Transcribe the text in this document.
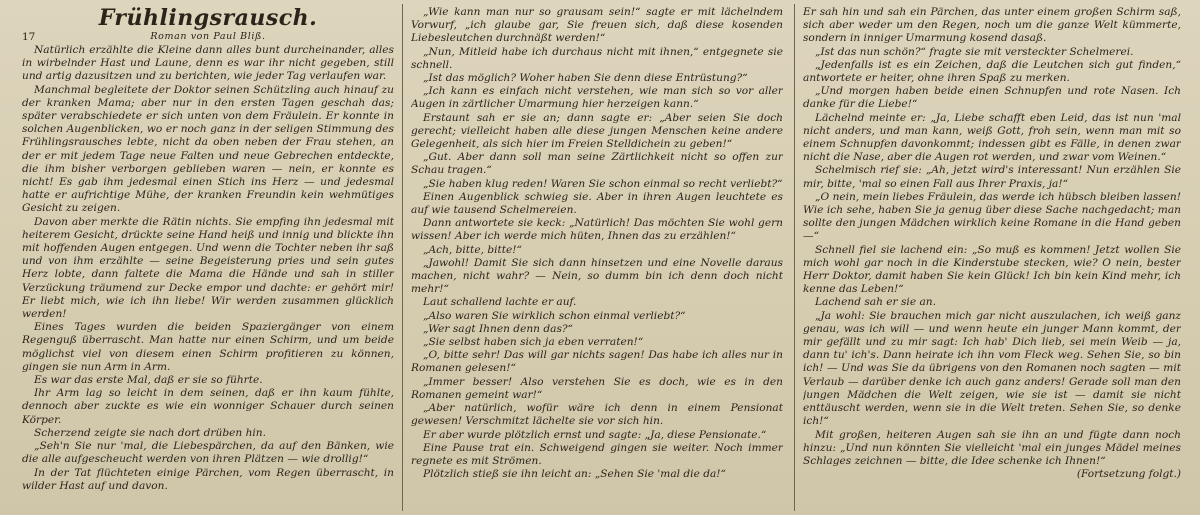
Frühlingsrausch.
17	Roman von Paul Bliß.

Natürlich erzählte die Kleine dann alles bunt durcheinander, alles in wirbelnder Hast und Laune, denn es war ihr nicht gegeben, still und artig dazusitzen und zu berichten, wie jeder Tag verlaufen war.

Manchmal begleitete der Doktor seinen Schützling auch hinauf zu der kranken Mama; aber nur in den ersten Tagen geschah das; später verabschiedete er sich unten von dem Fräulein. Er konnte in solchen Augenblicken, wo er noch ganz in der seligen Stimmung des Frühlingsrausches lebte, nicht da oben neben der Frau stehen, an der er mit jedem Tage neue Falten und neue Gebrechen entdeckte, die ihm bisher verborgen geblieben waren — nein, er konnte es nicht! Es gab ihm jedesmal einen Stich ins Herz — und jedesmal hatte er aufrichtige Mühe, der kranken Freundin kein wehmütiges Gesicht zu zeigen.

Davon aber merkte die Rätin nichts. Sie empfing ihn jedesmal mit heiterem Gesicht, drückte seine Hand heiß und innig und blickte ihn mit hoffenden Augen entgegen. Und wenn die Tochter neben ihr saß und von ihm erzählte — seine Begeisterung pries und sein gutes Herz lobte, dann faltete die Mama die Hände und sah in stiller Verzückung träumend zur Decke empor und dachte: er gehört mir! Er liebt mich, wie ich ihn liebe! Wir werden zusammen glücklich werden!

Eines Tages wurden die beiden Spaziergänger von einem Regenguß überrascht. Man hatte nur einen Schirm, und um beide möglichst viel von diesem einen Schirm profitieren zu können, gingen sie nun Arm in Arm.

Es war das erste Mal, daß er sie so führte.

Ihr Arm lag so leicht in dem seinen, daß er ihn kaum fühlte, dennoch aber zuckte es wie ein wonniger Schauer durch seinen Körper.

Scherzend zeigte sie nach dort drüben hin.

„Seh'n Sie nur 'mal, die Liebespärchen, da auf den Bänken, wie die alle aufgescheucht werden von ihren Plätzen — wie drollig!“

In der Tat flüchteten einige Pärchen, vom Regen überrascht, in wilder Hast auf und davon.

„Wie kann man nur so grausam sein!“ sagte er mit lächelndem Vorwurf, „ich glaube gar, Sie freuen sich, daß diese kosenden Liebesleutchen durchnäßt werden!“

„Nun, Mitleid habe ich durchaus nicht mit ihnen,“ entgegnete sie schnell.

„Ist das möglich? Woher haben Sie denn diese Entrüstung?“

„Ich kann es einfach nicht verstehen, wie man sich so vor aller Augen in zärtlicher Umarmung hier herzeigen kann.“

Erstaunt sah er sie an; dann sagte er: „Aber seien Sie doch gerecht; vielleicht haben alle diese jungen Menschen keine andere Gelegenheit, als sich hier im Freien Stelldichein zu geben!“

„Gut. Aber dann soll man seine Zärtlichkeit nicht so offen zur Schau tragen.“

„Sie haben klug reden! Waren Sie schon einmal so recht verliebt?“

Einen Augenblick schwieg sie. Aber in ihren Augen leuchtete es auf wie tausend Schelmereien.

Dann antwortete sie keck: „Natürlich! Das möchten Sie wohl gern wissen! Aber ich werde mich hüten, Ihnen das zu erzählen!“

„Ach, bitte, bitte!“

„Jawohl! Damit Sie sich dann hinsetzen und eine Novelle daraus machen, nicht wahr? — Nein, so dumm bin ich denn doch nicht mehr!“

Laut schallend lachte er auf.

„Also waren Sie wirklich schon einmal verliebt?“

„Wer sagt Ihnen denn das?“

„Sie selbst haben sich ja eben verraten!“

„O, bitte sehr! Das will gar nichts sagen! Das habe ich alles nur in Romanen gelesen!“

„Immer besser! Also verstehen Sie es doch, wie es in den Romanen gemeint war!“

„Aber natürlich, wofür wäre ich denn in einem Pensionat gewesen! Verschmitzt lächelte sie vor sich hin.

Er aber wurde plötzlich ernst und sagte: „Ja, diese Pensionate.“

Eine Pause trat ein. Schweigend gingen sie weiter. Noch immer regnete es mit Strömen.

Plötzlich stieß sie ihn leicht an: „Sehen Sie 'mal die da!“

Er sah hin und sah ein Pärchen, das unter einem großen Schirm saß, sich aber weder um den Regen, noch um die ganze Welt kümmerte, sondern in inniger Umarmung kosend dasaß.

„Ist das nun schön?“ fragte sie mit versteckter Schelmerei.

„Jedenfalls ist es ein Zeichen, daß die Leutchen sich gut finden,“ antwortete er heiter, ohne ihren Spaß zu merken.

„Und morgen haben beide einen Schnupfen und rote Nasen. Ich danke für die Liebe!“

Lächelnd meinte er: „Ja, Liebe schafft eben Leid, das ist nun 'mal nicht anders, und man kann, weiß Gott, froh sein, wenn man mit so einem Schnupfen davonkommt; indessen gibt es Fälle, in denen zwar nicht die Nase, aber die Augen rot werden, und zwar vom Weinen.“

Schelmisch rief sie: „Ah, jetzt wird's interessant! Nun erzählen Sie mir, bitte, 'mal so einen Fall aus Ihrer Praxis, ja!“

„O nein, mein liebes Fräulein, das werde ich hübsch bleiben lassen! Wie ich sehe, haben Sie ja genug über diese Sache nachgedacht; man sollte den jungen Mädchen wirklich keine Romane in die Hand geben —“

Schnell fiel sie lachend ein: „So muß es kommen! Jetzt wollen Sie mich wohl gar noch in die Kinderstube stecken, wie? O nein, bester Herr Doktor, damit haben Sie kein Glück! Ich bin kein Kind mehr, ich kenne das Leben!“

Lachend sah er sie an.

„Ja wohl: Sie brauchen mich gar nicht auszulachen, ich weiß ganz genau, was ich will — und wenn heute ein junger Mann kommt, der mir gefällt und zu mir sagt: Ich hab' Dich lieb, sei mein Weib — ja, dann tu' ich's. Dann heirate ich ihn vom Fleck weg. Sehen Sie, so bin ich! — Und was Sie da übrigens von den Romanen noch sagten — mit Verlaub — darüber denke ich auch ganz anders! Gerade soll man den jungen Mädchen die Welt zeigen, wie sie ist — damit sie nicht enttäuscht werden, wenn sie in die Welt treten. Sehen Sie, so denke ich!“

Mit großen, heiteren Augen sah sie ihn an und fügte dann noch hinzu: „Und nun könnten Sie vielleicht 'mal ein junges Mädel meines Schlages zeichnen — bitte, die Idee schenke ich Ihnen!“

(Fortsetzung folgt.)
